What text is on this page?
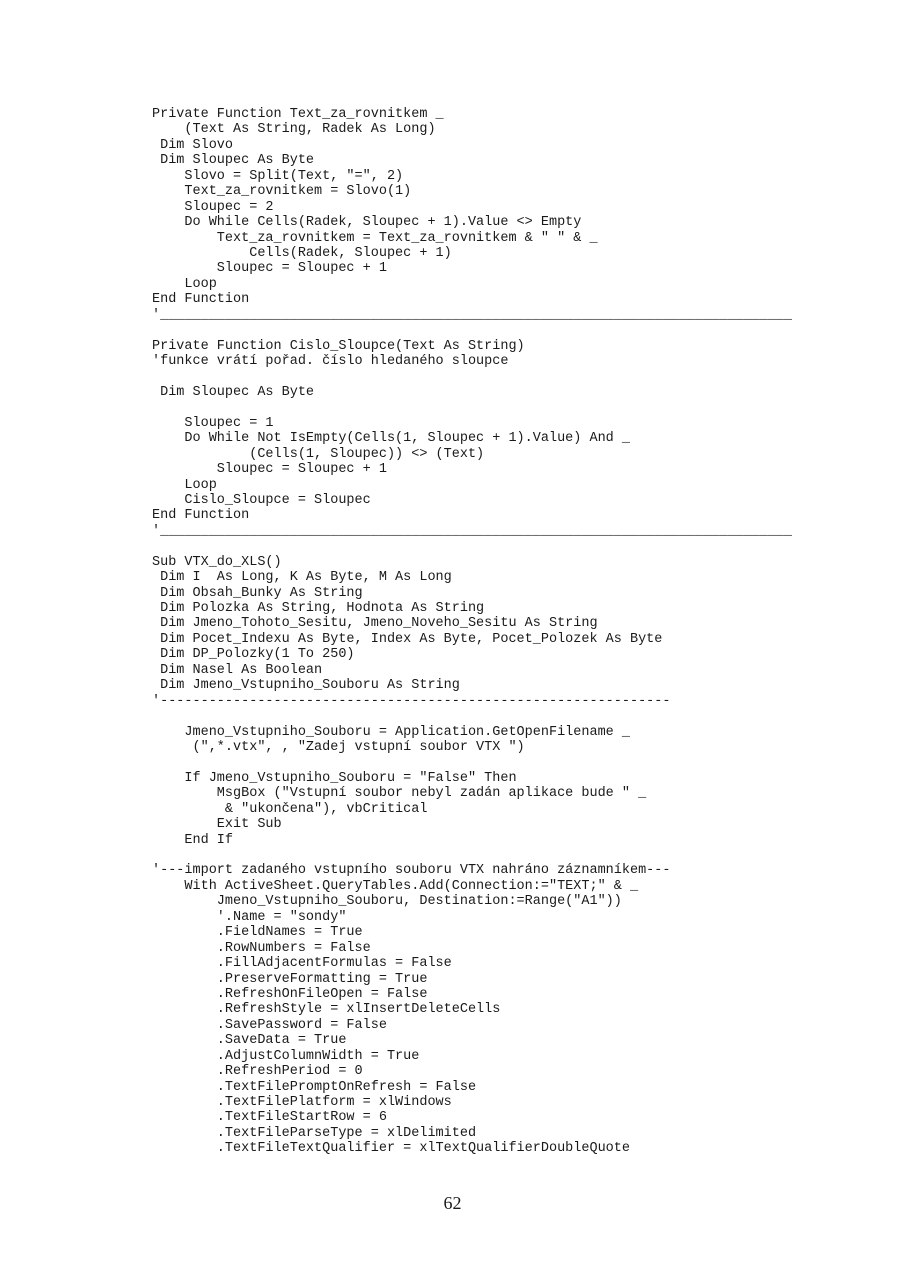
Private Function Text_za_rovnitkem _
(Text As String, Radek As Long)
Dim Slovo
Dim Sloupec As Byte
Slovo = Split(Text, "=", 2)
Text_za_rovnitkem = Slovo(1)
Sloupec = 2
Do While Cells(Radek, Sloupec + 1).Value <> Empty
Text_za_rovnitkem = Text_za_rovnitkem & " " & _
Cells(Radek, Sloupec + 1)
Sloupec = Sloupec + 1
Loop
End Function
'______________________________________________________________________________
Private Function Cislo_Sloupce(Text As String)
'funkce vrátí pořad. číslo hledaného sloupce
Dim Sloupec As Byte
Sloupec = 1
Do While Not IsEmpty(Cells(1, Sloupec + 1).Value) And _
(Cells(1, Sloupec)) <> (Text)
Sloupec = Sloupec + 1
Loop
Cislo_Sloupce = Sloupec
End Function
'______________________________________________________________________________
Sub VTX_do_XLS()
Dim I  As Long, K As Byte, M As Long
Dim Obsah_Bunky As String
Dim Polozka As String, Hodnota As String
Dim Jmeno_Tohoto_Sesitu, Jmeno_Noveho_Sesitu As String
Dim Pocet_Indexu As Byte, Index As Byte, Pocet_Polozek As Byte
Dim DP_Polozky(1 To 250)
Dim Nasel As Boolean
Dim Jmeno_Vstupniho_Souboru As String
'---------------------------------------------------------------
Jmeno_Vstupniho_Souboru = Application.GetOpenFilename _
(",*.vtx", , "Zadej vstupní soubor VTX ")
If Jmeno_Vstupniho_Souboru = "False" Then
MsgBox ("Vstupní soubor nebyl zadán aplikace bude " _
& "ukončena"), vbCritical
Exit Sub
End If
'---import zadaného vstupního souboru VTX nahráno záznamníkem---
With ActiveSheet.QueryTables.Add(Connection:="TEXT;" & _
Jmeno_Vstupniho_Souboru, Destination:=Range("A1"))
'.Name = "sondy"
.FieldNames = True
.RowNumbers = False
.FillAdjacentFormulas = False
.PreserveFormatting = True
.RefreshOnFileOpen = False
.RefreshStyle = xlInsertDeleteCells
.SavePassword = False
.SaveData = True
.AdjustColumnWidth = True
.RefreshPeriod = 0
.TextFilePromptOnRefresh = False
.TextFilePlatform = xlWindows
.TextFileStartRow = 6
.TextFileParseType = xlDelimited
.TextFileTextQualifier = xlTextQualifierDoubleQuote
62
